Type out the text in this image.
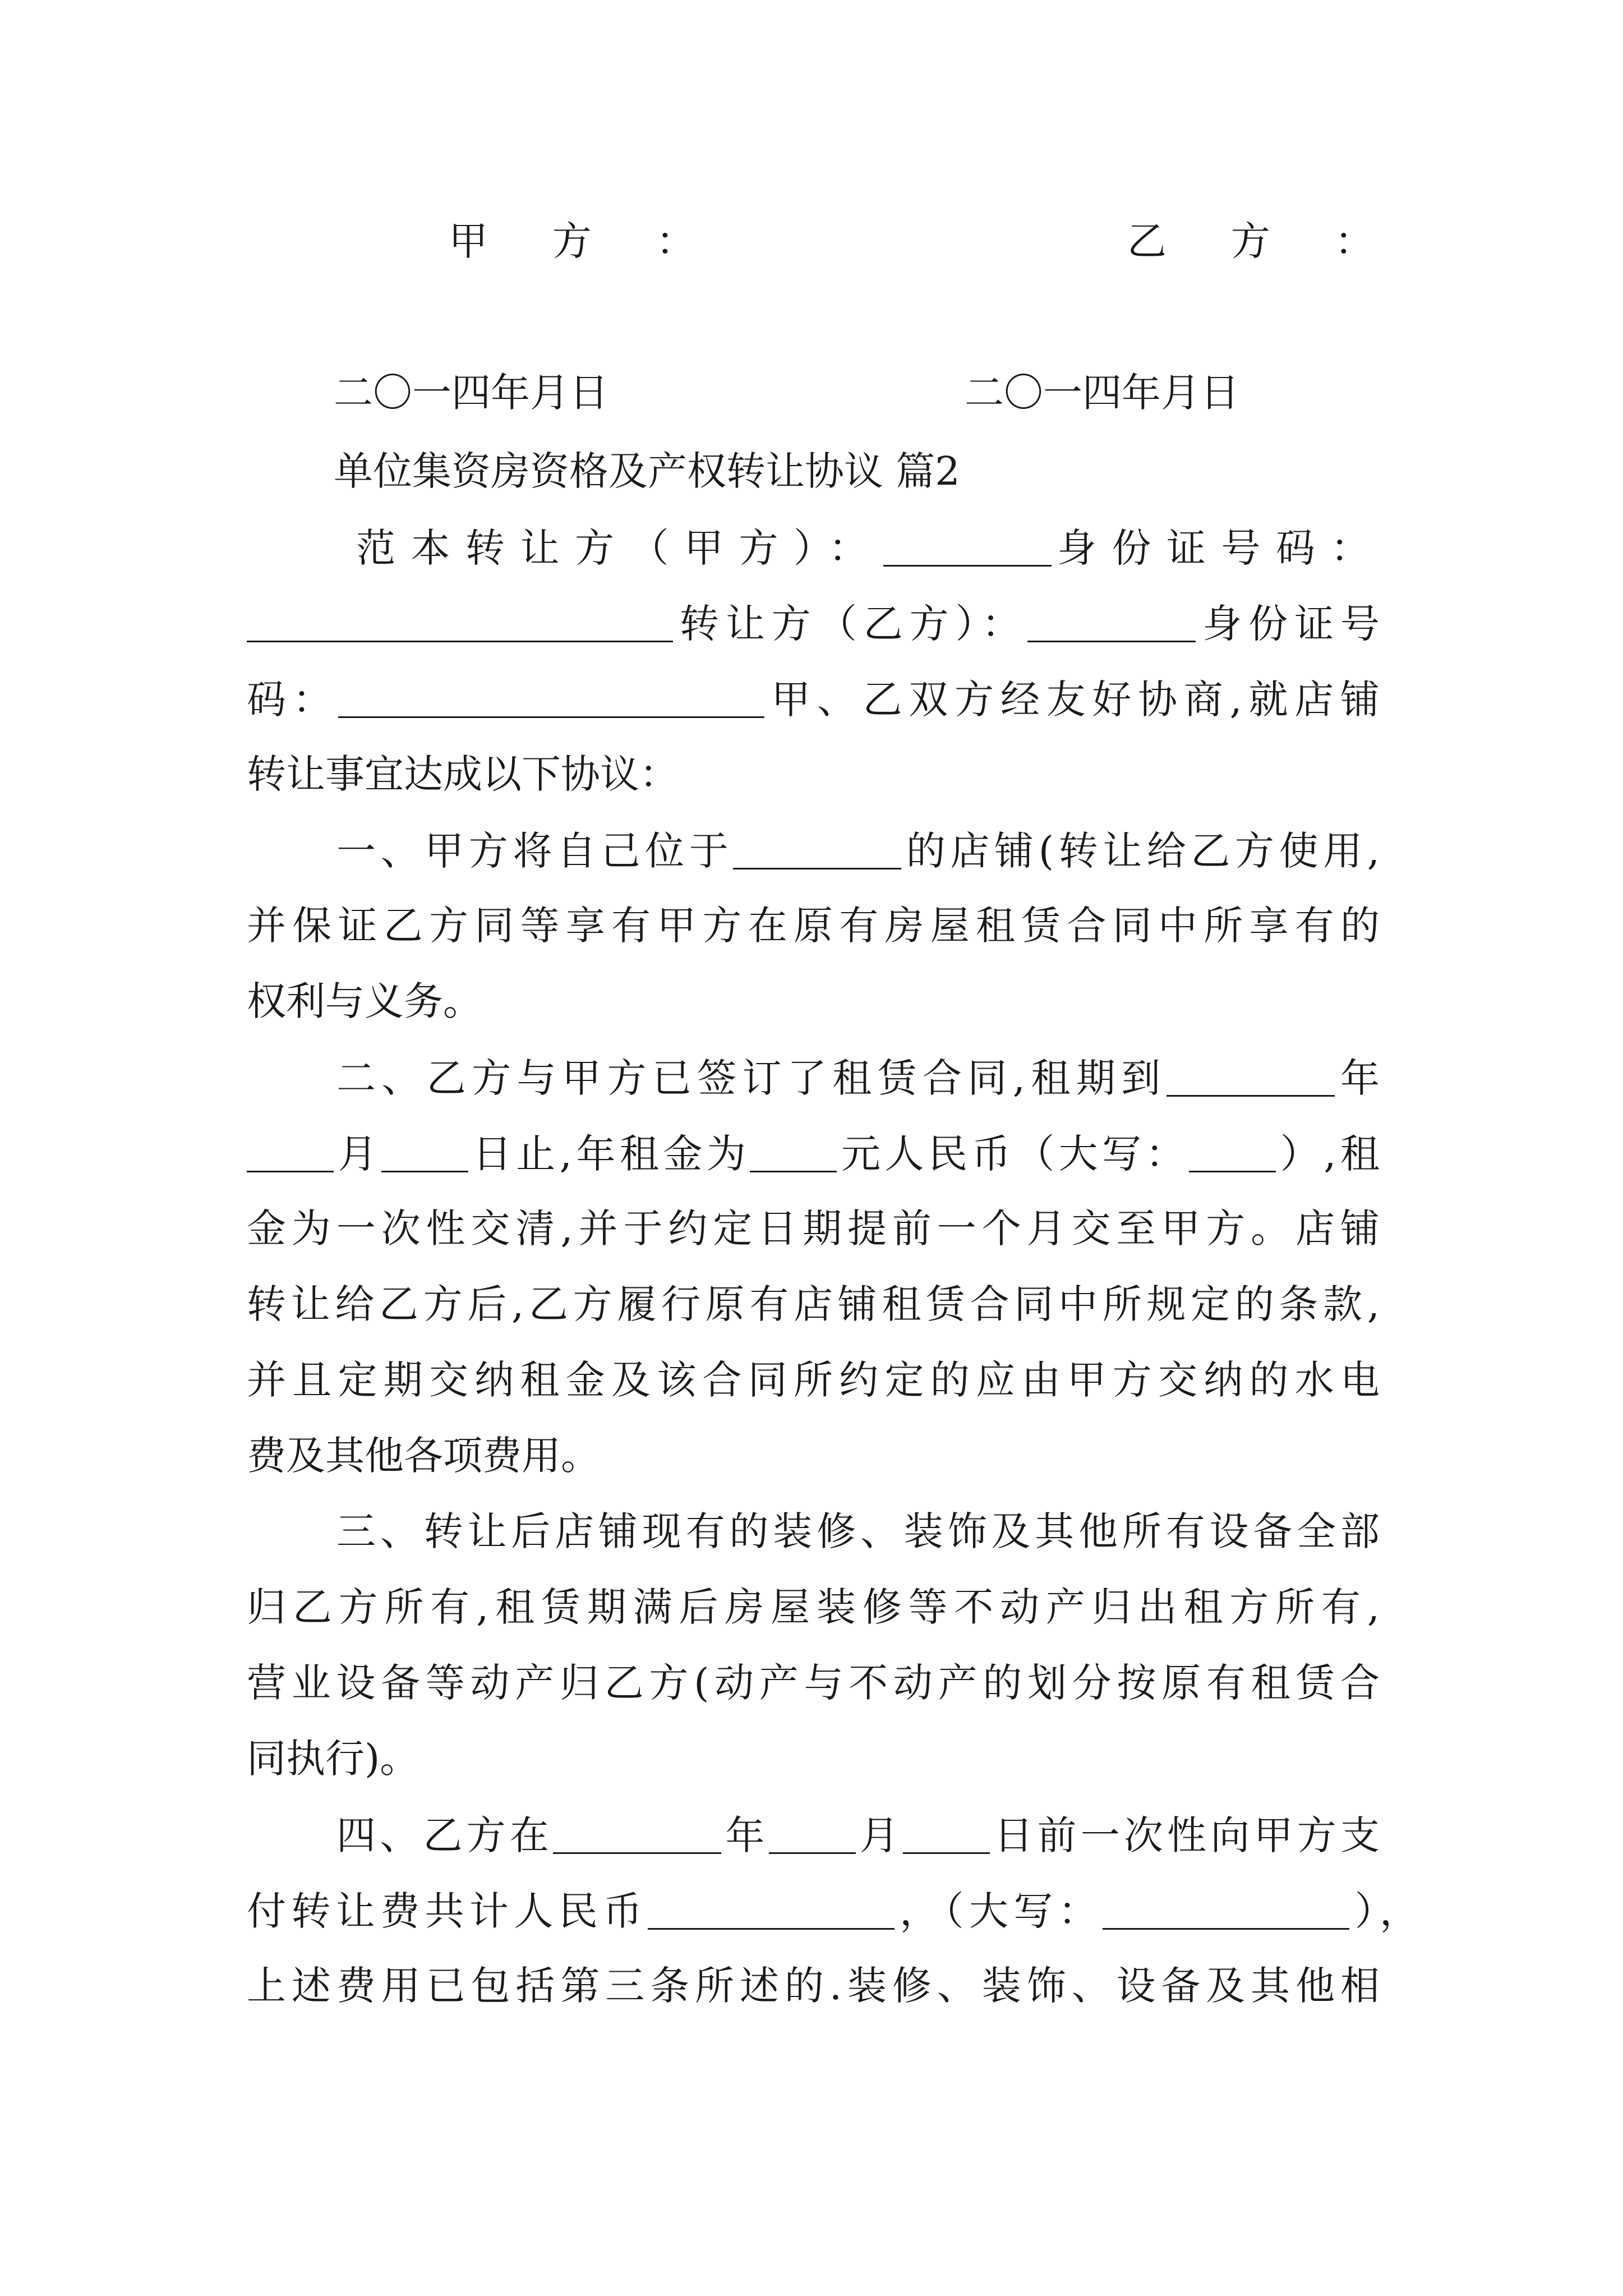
甲　方　：	乙　方　：
二〇一四年月日	二〇一四年月日
单位集资房资格及产权转让协议 篇2
范本转让方（甲方）：	身份证号码：
转让方（乙方）：	身份证号
码：	甲、乙双方经友好协商,就店铺
转让事宜达成以下协议：
一、甲方将自己位于	的店铺(转让给乙方使用,
并保证乙方同等享有甲方在原有房屋租赁合同中所享有的
权利与义务。
二、乙方与甲方已签订了租赁合同,租期到	年
月 日止,年租金为 元人民币（大写： ）,租
金为一次性交清,并于约定日期提前一个月交至甲方。店铺
转让给乙方后,乙方履行原有店铺租赁合同中所规定的条款,
并且定期交纳租金及该合同所约定的应由甲方交纳的水电
费及其他各项费用。
三、转让后店铺现有的装修、装饰及其他所有设备全部
归乙方所有,租赁期满后房屋装修等不动产归出租方所有,
营业设备等动产归乙方(动产与不动产的划分按原有租赁合
同执行)。
四、乙方在	年 月 日前一次性向甲方支
付转让费共计人民币	，（大写：	），
上述费用已包括第三条所述的.装修、装饰、设备及其他相
